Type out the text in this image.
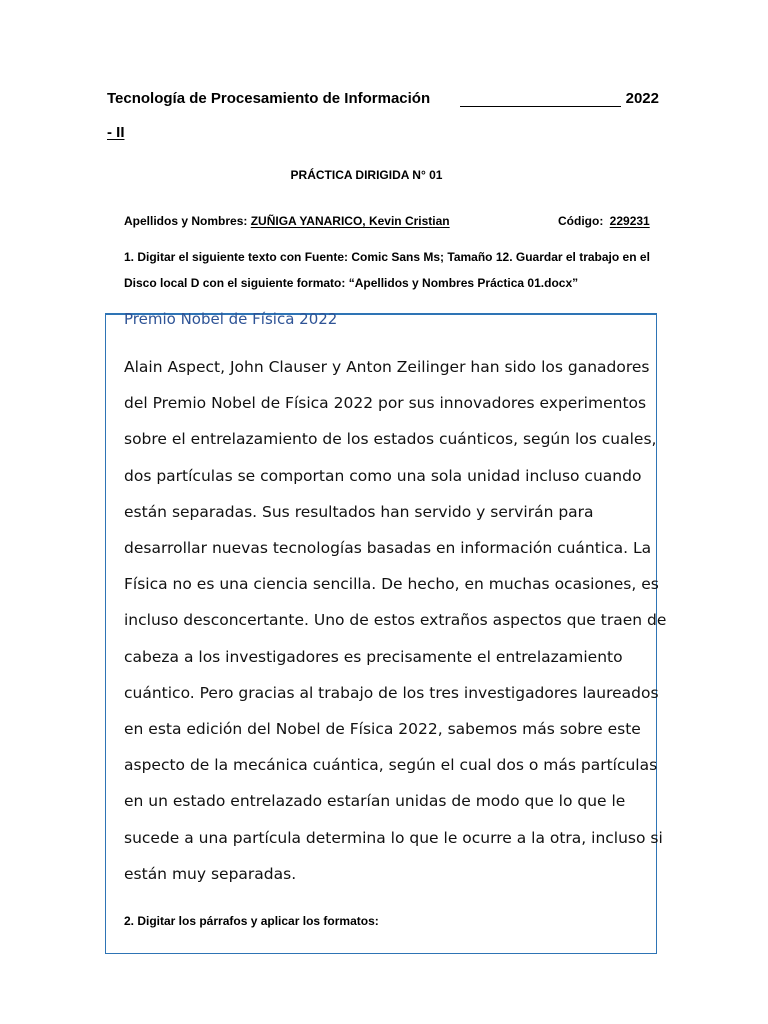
Tecnología de Procesamiento de Información	2022
- II
PRÁCTICA DIRIGIDA N° 01
Apellidos y Nombres: ZUÑIGA YANARICO, Kevin Cristian	Código: 229231
1. Digitar el siguiente texto con Fuente: Comic Sans Ms; Tamaño 12. Guardar el trabajo en el
Disco local D con el siguiente formato: “Apellidos y Nombres Práctica 01.docx”
Premio Nobel de Física 2022
Alain Aspect, John Clauser y Anton Zeilinger han sido los ganadores
del Premio Nobel de Física 2022 por sus innovadores experimentos
sobre el entrelazamiento de los estados cuánticos, según los cuales,
dos partículas se comportan como una sola unidad incluso cuando
están separadas. Sus resultados han servido y servirán para
desarrollar nuevas tecnologías basadas en información cuántica. La
Física no es una ciencia sencilla. De hecho, en muchas ocasiones, es
incluso desconcertante. Uno de estos extraños aspectos que traen de
cabeza a los investigadores es precisamente el entrelazamiento
cuántico. Pero gracias al trabajo de los tres investigadores laureados
en esta edición del Nobel de Física 2022, sabemos más sobre este
aspecto de la mecánica cuántica, según el cual dos o más partículas
en un estado entrelazado estarían unidas de modo que lo que le
sucede a una partícula determina lo que le ocurre a la otra, incluso si
están muy separadas.
2. Digitar los párrafos y aplicar los formatos:
